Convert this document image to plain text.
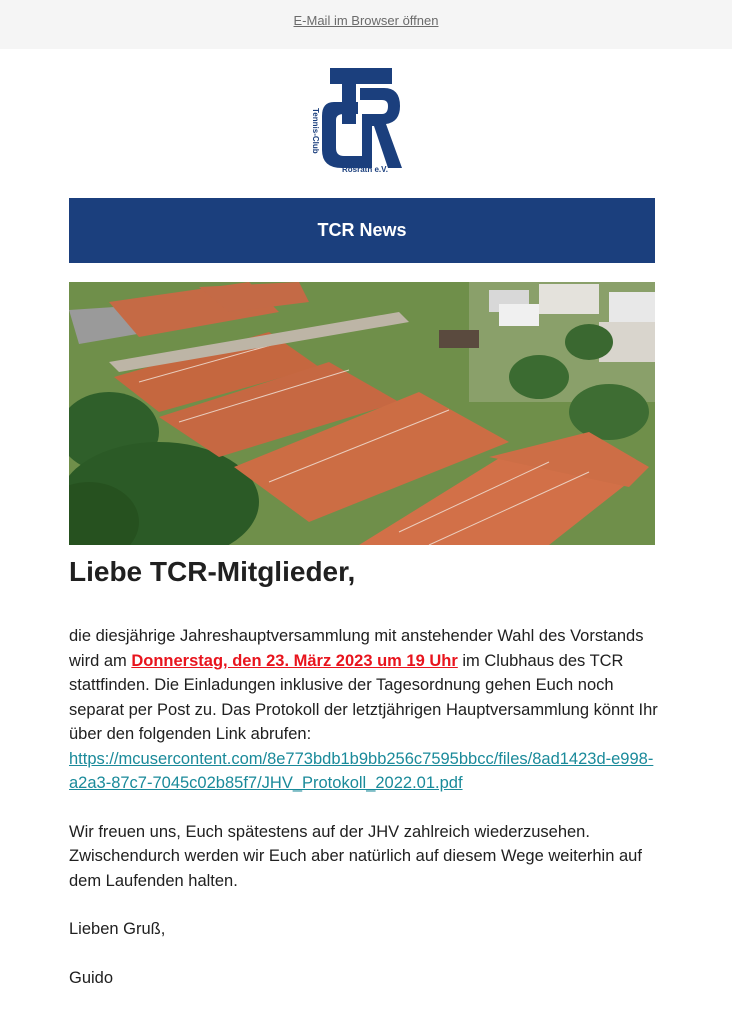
E-Mail im Browser öffnen
Tennis-Club
Rösrath e.V.
TCR News
Liebe TCR-Mitglieder,

die diesjährige Jahreshauptversammlung mit anstehender Wahl des Vorstands wird am Donnerstag, den 23. März 2023 um 19 Uhr im Clubhaus des TCR stattfinden. Die Einladungen inklusive der Tagesordnung gehen Euch noch separat per Post zu. Das Protokoll der letztjährigen Hauptversammlung könnt Ihr über den folgenden Link abrufen:
https://mcusercontent.com/8e773bdb1b9bb256c7595bbcc/files/8ad1423d-e998-a2a3-87c7-7045c02b85f7/JHV_Protokoll_2022.01.pdf

Wir freuen uns, Euch spätestens auf der JHV zahlreich wiederzusehen. Zwischendurch werden wir Euch aber natürlich auf diesem Wege weiterhin auf dem Laufenden halten.

Lieben Gruß,

Guido
